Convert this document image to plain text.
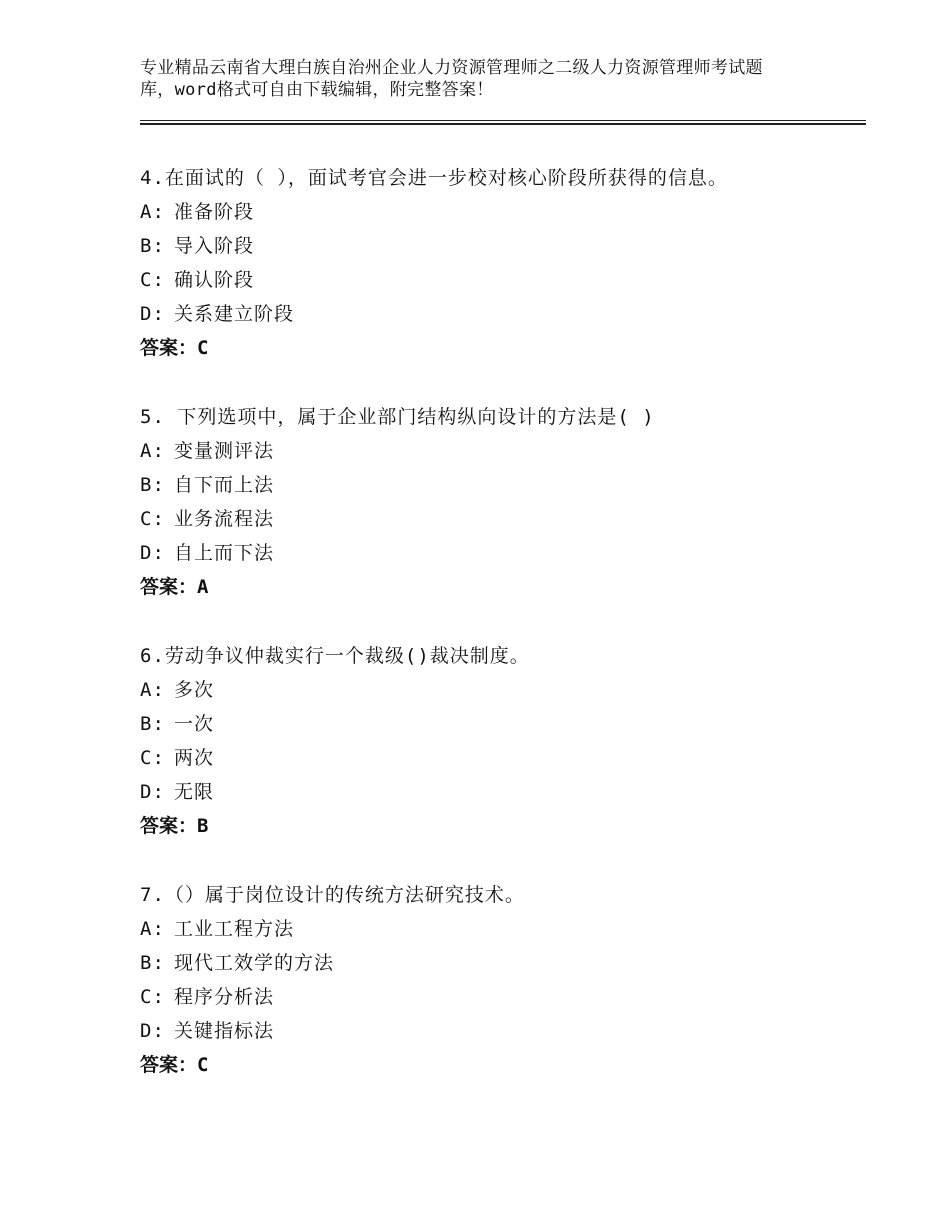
专业精品云南省大理白族自治州企业人力资源管理师之二级人力资源管理师考试题
库，word格式可自由下载编辑，附完整答案！
4.在面试的（ ），面试考官会进一步校对核心阶段所获得的信息。
A: 准备阶段
B: 导入阶段
C: 确认阶段
D: 关系建立阶段
答案：C
5. 下列选项中，属于企业部门结构纵向设计的方法是( )
A: 变量测评法
B: 自下而上法
C: 业务流程法
D: 自上而下法
答案：A
6.劳动争议仲裁实行一个裁级()裁决制度。
A: 多次
B: 一次
C: 两次
D: 无限
答案：B
7.（）属于岗位设计的传统方法研究技术。
A: 工业工程方法
B: 现代工效学的方法
C: 程序分析法
D: 关键指标法
答案：C
